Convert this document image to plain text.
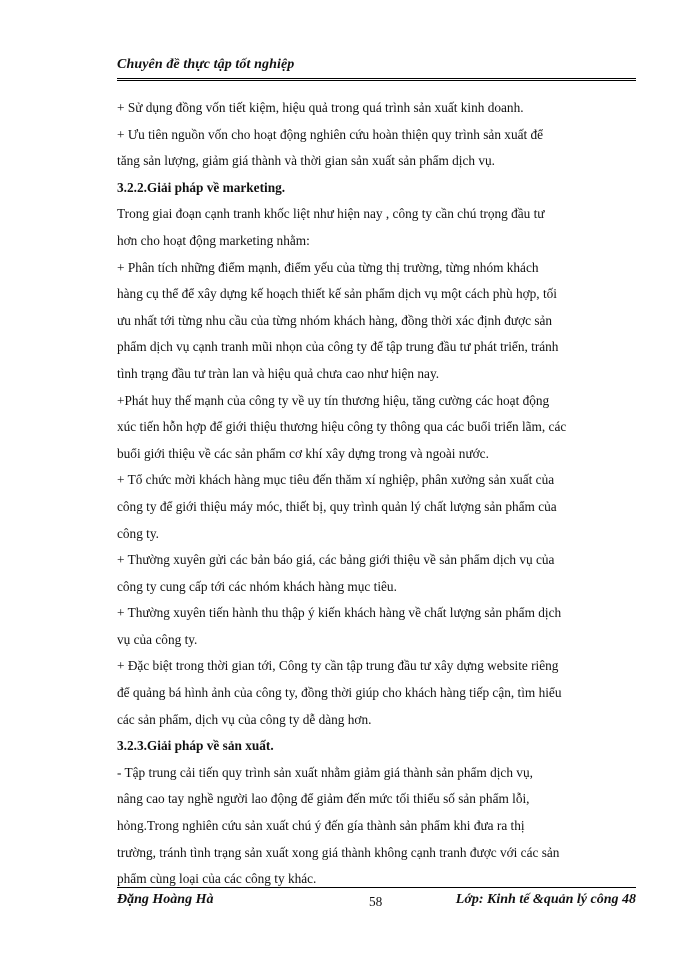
Chuyên đề thực tập tốt nghiệp

+ Sử dụng đồng vốn tiết kiệm, hiệu quả trong quá trình sản xuất kinh doanh.

+ Ưu tiên nguồn vốn cho hoạt động nghiên cứu hoàn thiện quy trình sản xuất để

tăng sản lượng, giảm giá thành và thời gian sản xuất sản phẩm dịch vụ.

3.2.2.Giải pháp về marketing.

Trong giai đoạn cạnh tranh khốc liệt như hiện nay , công ty cần chú trọng đầu tư

hơn cho hoạt động marketing nhằm:

+ Phân tích những điểm mạnh, điểm yếu của từng thị trường, từng nhóm khách

hàng cụ thể để xây dựng kế hoạch thiết kế sản phẩm dịch vụ một cách phù hợp, tối

ưu nhất tới từng nhu cầu của từng nhóm khách hàng, đồng thời xác định được sản

phẩm dịch vụ cạnh tranh mũi nhọn của công ty để tập trung đầu tư phát triển, tránh

tình trạng đầu tư tràn lan và hiệu quả chưa cao như hiện nay.

+Phát huy thế mạnh của công ty về uy tín thương hiệu, tăng cường các hoạt động

xúc tiến hỗn hợp để giới thiệu thương hiệu công ty thông qua các buổi triển lãm, các

buổi giới thiệu về các sản phẩm cơ khí xây dựng trong và ngoài nước.

+ Tổ chức mời khách hàng mục tiêu đến thăm xí nghiệp, phân xưởng sản xuất của

công ty để giới thiệu máy móc, thiết bị, quy trình quản lý chất lượng sản phẩm của

công ty.

+ Thường xuyên gửi các bản báo giá, các bảng giới thiệu về sản phẩm dịch vụ của

công ty cung cấp tới các nhóm khách hàng mục tiêu.

+ Thường xuyên tiến hành thu thập ý kiến khách hàng về chất lượng sản phẩm dịch

vụ của công ty.

+ Đặc biệt trong thời gian tới, Công ty cần tập trung đầu tư xây dựng website riêng

để quảng bá hình ảnh của công ty, đồng thời giúp cho khách hàng tiếp cận, tìm hiểu

các sản phẩm, dịch vụ của công ty dễ dàng hơn.

3.2.3.Giải pháp về sản xuất.

- Tập trung cải tiến quy trình sản xuất nhằm giảm giá thành sản phẩm dịch vụ,

nâng cao tay nghề người lao động để giảm đến mức tối thiểu số sản phẩm lỗi,

hỏng.Trong nghiên cứu sản xuất chú ý đến gía thành sản phẩm khi đưa ra thị

trường, tránh tình trạng sản xuất xong giá thành không cạnh tranh được với các sản

phẩm cùng loại của các công ty khác.

Đặng Hoàng Hà	58	Lớp: Kinh tế &quản lý công 48
